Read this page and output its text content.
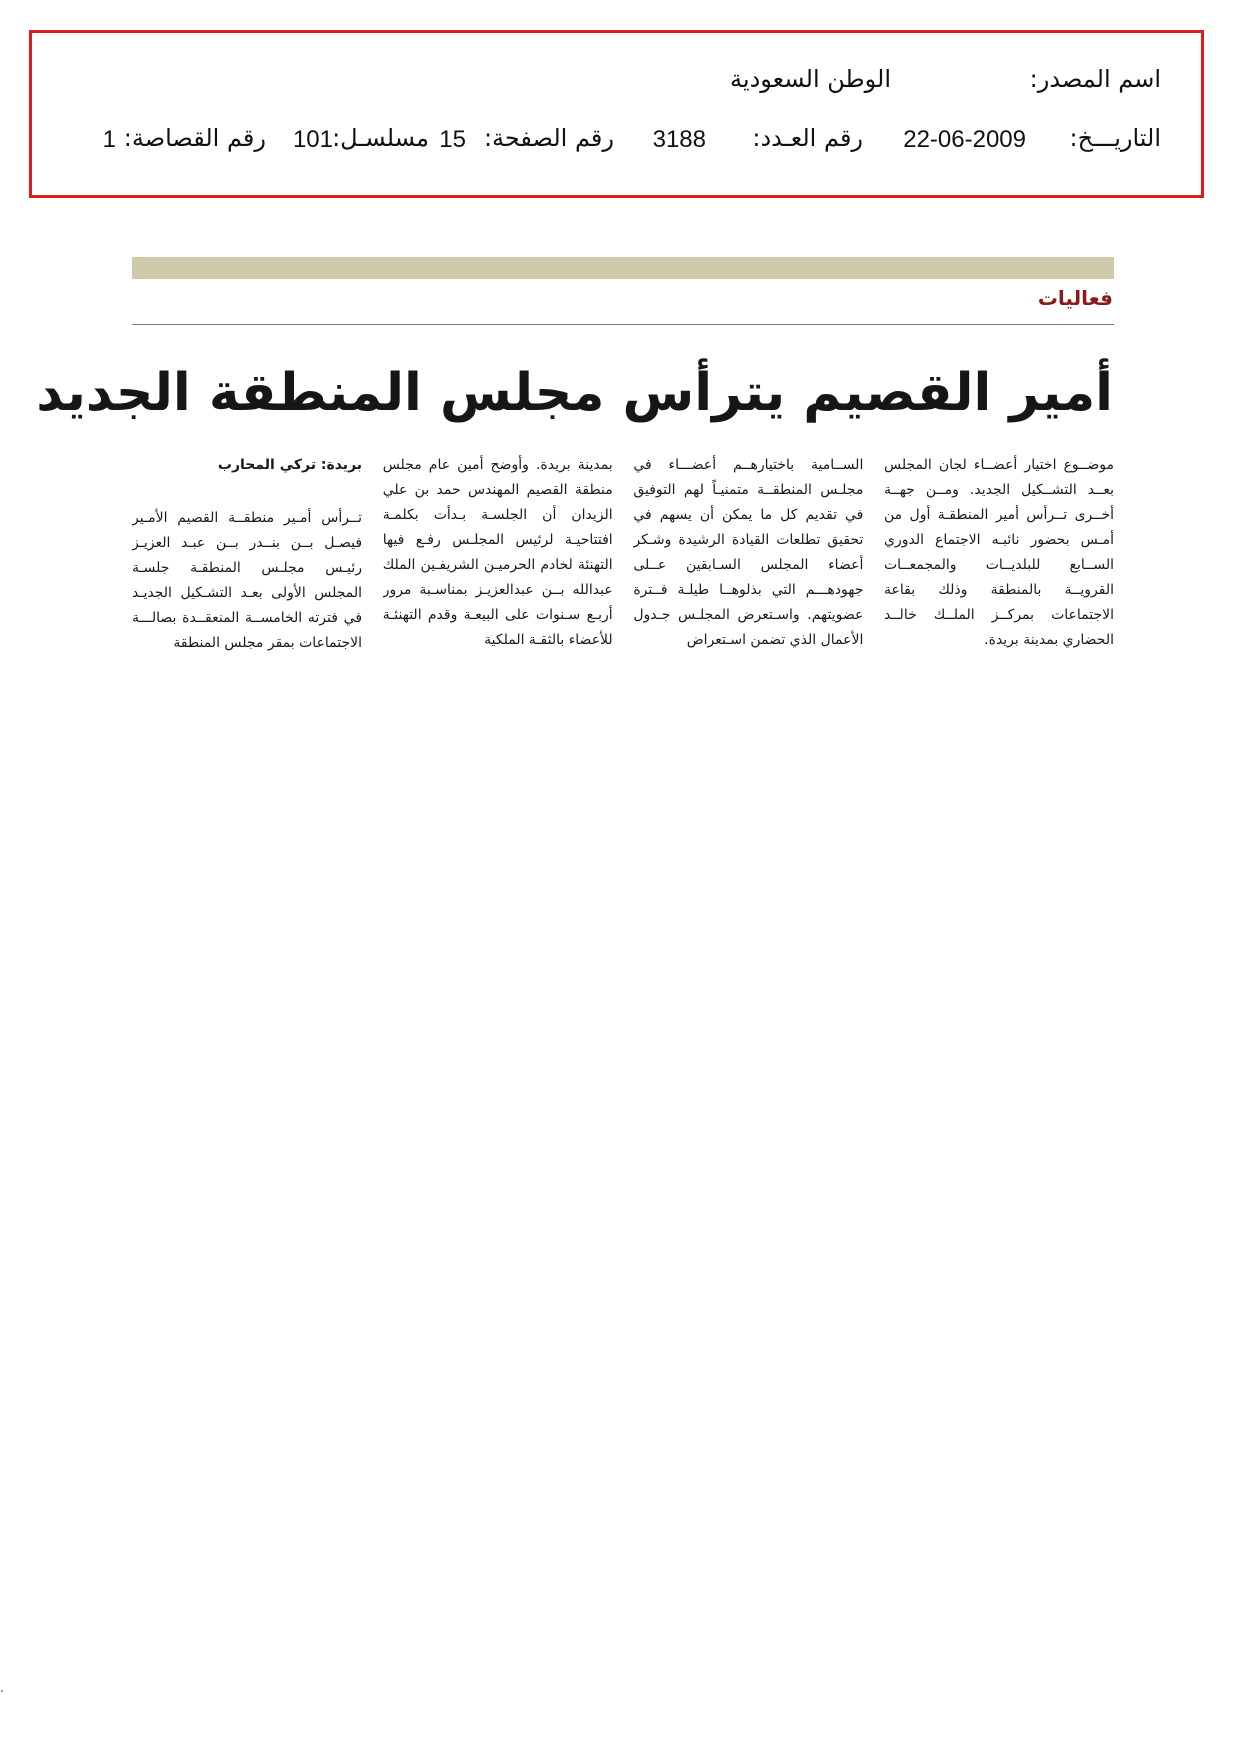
اسم المصدر:
الوطن السعودية
التاريـــخ:
22-06-2009
رقم العـدد:
3188
رقم الصفحة:
15
مسلسـل:
101
رقم القصاصة:
1
فعاليات
أمير القصيم يترأس مجلس المنطقة الجديد
بريدة: تركي المحارب
تــرأس أمـير منطقــة القصيم الأمـير فيصـل بــن بنــدر بــن عبـد العزيـز رئيـس مجلـس المنطقـة جلسـة المجلس الأولى بعـد التشـكيل الجديـد في فترته الخامســة المنعقــدة بصالـــة الاجتماعات بمقر مجلس المنطقة
بمدينة بريدة. وأوضح أمين عام مجلس منطقة القصيم المهندس حمد بن علي الزيدان أن الجلسـة بـدأت بكلمـة افتتاحيـة لرئيس المجلـس رفـع فيها التهنئة لخادم الحرميـن الشريفـين الملك عبدالله بــن عبدالعزيـز بمناسـبة مرور أربـع سـنوات على البيعـة وقدم التهنئـة للأعضاء بالثقـة الملكية
الســامية باختيارهــم أعضـــاء في مجلـس المنطقــة متمنيـاً لهم التوفيق في تقديم كل ما يمكن أن يسهم في تحقيق تطلعات القيادة الرشيدة وشـكر أعضاء المجلس السـابقين عــلى جهودهـــم التي بذلوهــا طيلـة فــترة عضويتهم. واسـتعرض المجلـس جـدول الأعمال الذي تضمن اسـتعراض
موضــوع اختيار أعضــاء لجان المجلس بعــد التشــكيل الجديد. ومــن جهــة أخــرى تــرأس أمير المنطقـة أول من أمـس بحضور نائبـه الاجتماع الدوري الســابع للبلديــات والمجمعــات القرويــة بالمنطقة وذلك بقاعة الاجتماعات بمركــز الملــك خالــد الحضاري بمدينة بريدة.
